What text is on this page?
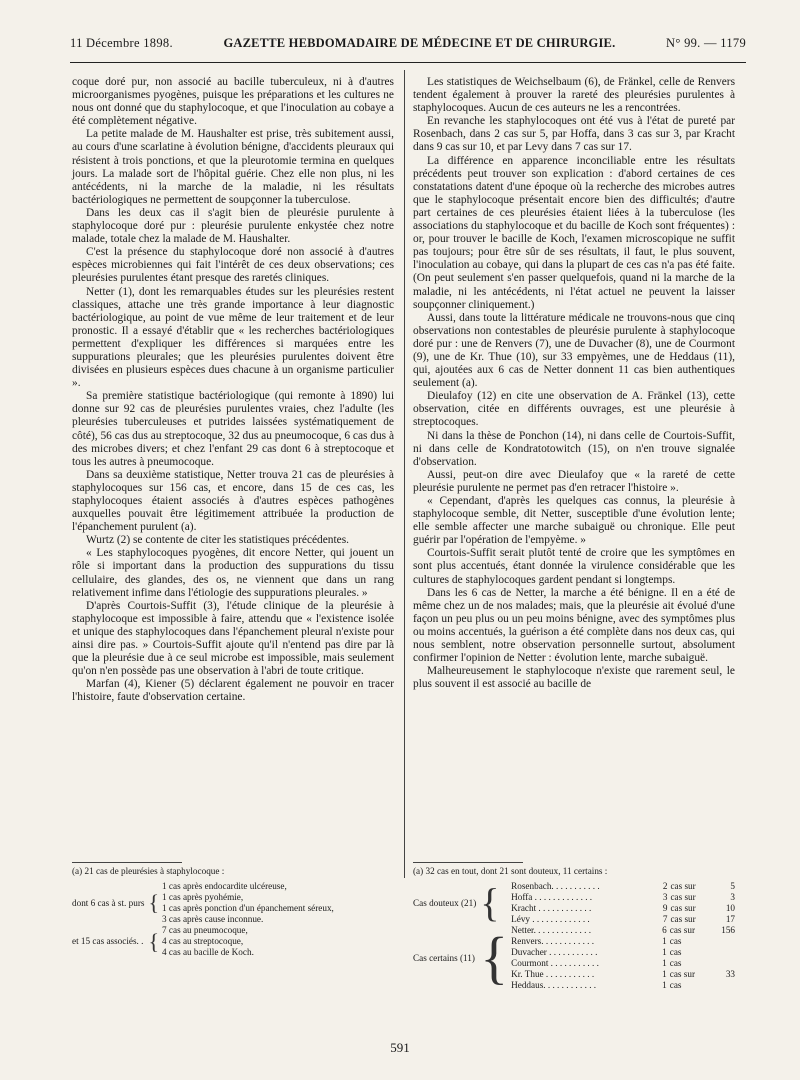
11 Décembre 1898.	GAZETTE HEBDOMADAIRE DE MÉDECINE ET DE CHIRURGIE.	N° 99. — 1179

coque doré pur, non associé au bacille tuberculeux, ni à d'autres microorganismes pyogènes, puisque les préparations et les cultures ne nous ont donné que du staphylocoque, et que l'inoculation au cobaye a été complètement négative.

La petite malade de M. Haushalter est prise, très subitement aussi, au cours d'une scarlatine à évolution bénigne, d'accidents pleuraux qui résistent à trois ponctions, et que la pleurotomie termina en quelques jours. La malade sort de l'hôpital guérie. Chez elle non plus, ni les antécédents, ni la marche de la maladie, ni les résultats bactériologiques ne permettent de soupçonner la tuberculose.

Dans les deux cas il s'agit bien de pleurésie purulente à staphylocoque doré pur : pleurésie purulente enkystée chez notre malade, totale chez la malade de M. Haushalter.

C'est la présence du staphylocoque doré non associé à d'autres espèces microbiennes qui fait l'intérêt de ces deux observations; ces pleurésies purulentes étant presque des raretés cliniques.

Netter (1), dont les remarquables études sur les pleurésies restent classiques, attache une très grande importance à leur diagnostic bactériologique, au point de vue même de leur traitement et de leur pronostic. Il a essayé d'établir que « les recherches bactériologiques permettent d'expliquer les différences si marquées entre les suppurations pleurales; que les pleurésies purulentes doivent être divisées en plusieurs espèces dues chacune à un organisme particulier ».

Sa première statistique bactériologique (qui remonte à 1890) lui donne sur 92 cas de pleurésies purulentes vraies, chez l'adulte (les pleurésies tuberculeuses et putrides laissées systématiquement de côté), 56 cas dus au streptocoque, 32 dus au pneumocoque, 6 cas dus à des microbes divers; et chez l'enfant 29 cas dont 6 à streptocoque et tous les autres à pneumocoque.

Dans sa deuxième statistique, Netter trouva 21 cas de pleurésies à staphylocoques sur 156 cas, et encore, dans 15 de ces cas, les staphylocoques étaient associés à d'autres espèces pathogènes auxquelles pouvait être légitimement attribuée la production de l'épanchement purulent (a).

Wurtz (2) se contente de citer les statistiques précédentes.

« Les staphylocoques pyogènes, dit encore Netter, qui jouent un rôle si important dans la production des suppurations du tissu cellulaire, des glandes, des os, ne viennent que dans un rang relativement infime dans l'étiologie des suppurations pleurales. »

D'après Courtois-Suffit (3), l'étude clinique de la pleurésie à staphylocoque est impossible à faire, attendu que « l'existence isolée et unique des staphylocoques dans l'épanchement pleural n'existe pour ainsi dire pas. » Courtois-Suffit ajoute qu'il n'entend pas dire par là que la pleurésie due à ce seul microbe est impossible, mais seulement qu'on n'en possède pas une observation à l'abri de toute critique.

Marfan (4), Kiener (5) déclarent également ne pouvoir en tracer l'histoire, faute d'observation certaine.

Les statistiques de Weichselbaum (6), de Fränkel, celle de Renvers tendent également à prouver la rareté des pleurésies purulentes à staphylocoques. Aucun de ces auteurs ne les a rencontrées.

En revanche les staphylocoques ont été vus à l'état de pureté par Rosenbach, dans 2 cas sur 5, par Hoffa, dans 3 cas sur 3, par Kracht dans 9 cas sur 10, et par Levy dans 7 cas sur 17.

La différence en apparence inconciliable entre les résultats précédents peut trouver son explication : d'abord certaines de ces constatations datent d'une époque où la recherche des microbes autres que le staphylocoque présentait encore bien des difficultés; d'autre part certaines de ces pleurésies étaient liées à la tuberculose (les associations du staphylocoque et du bacille de Koch sont fréquentes) : or, pour trouver le bacille de Koch, l'examen microscopique ne suffit pas toujours; pour être sûr de ses résultats, il faut, le plus souvent, l'inoculation au cobaye, qui dans la plupart de ces cas n'a pas été faite. (On peut seulement s'en passer quelquefois, quand ni la marche de la maladie, ni les antécédents, ni l'état actuel ne peuvent la laisser soupçonner cliniquement.)

Aussi, dans toute la littérature médicale ne trouvons-nous que cinq observations non contestables de pleurésie purulente à staphylocoque doré pur : une de Renvers (7), une de Duvacher (8), une de Courmont (9), une de Kr. Thue (10), sur 33 empyèmes, une de Heddaus (11), qui, ajoutées aux 6 cas de Netter donnent 11 cas bien authentiques seulement (a).

Dieulafoy (12) en cite une observation de A. Fränkel (13), cette observation, citée en différents ouvrages, est une pleurésie à streptocoques.

Ni dans la thèse de Ponchon (14), ni dans celle de Courtois-Suffit, ni dans celle de Kondratotowitch (15), on n'en trouve signalée d'observation.

Aussi, peut-on dire avec Dieulafoy que « la rareté de cette pleurésie purulente ne permet pas d'en retracer l'histoire ».

« Cependant, d'après les quelques cas connus, la pleurésie à staphylocoque semble, dit Netter, susceptible d'une évolution lente; elle semble affecter une marche subaiguë ou chronique. Elle peut guérir par l'opération de l'empyème. »

Courtois-Suffit serait plutôt tenté de croire que les symptômes en sont plus accentués, étant donnée la virulence considérable que les cultures de staphylocoques gardent pendant si longtemps.

Dans les 6 cas de Netter, la marche a été bénigne. Il en a été de même chez un de nos malades; mais, que la pleurésie ait évolué d'une façon un peu plus ou un peu moins bénigne, avec des symptômes plus ou moins accentués, la guérison a été complète dans nos deux cas, qui nous semblent, notre observation personnelle surtout, absolument confirmer l'opinion de Netter : évolution lente, marche subaiguë.

Malheureusement le staphylocoque n'existe que rarement seul, le plus souvent il est associé au bacille de

(a) 21 cas de pleurésies à staphylocoque :

dont 6 cas à st. purs	{	1 cas après endocardite ulcéreuse,
1 cas après pyohémie,
1 cas après ponction d'un épanchement séreux,
3 cas après cause inconnue.

et 15 cas associés. .	{	7 cas au pneumocoque,
4 cas au streptocoque,
4 cas au bacille de Koch.

(a) 32 cas en tout, dont 21 sont douteux, 11 certains :

Cas douteux (21)	{	Rosenbach. . . . . . . . . . .	2	cas sur	5
Hoffa . . . . . . . . . . . . .	3	cas sur	3
Kracht . . . . . . . . . . . .	9	cas sur	10
Lévy . . . . . . . . . . . . .	7	cas sur	17

Cas certains (11)	{	Netter. . . . . . . . . . . . .	6	cas sur	156
Renvers. . . . . . . . . . . .	1	cas	
Duvacher . . . . . . . . . . .	1	cas	
Courmont . . . . . . . . . . .	1	cas	
Kr. Thue . . . . . . . . . . .	1	cas sur	33
Heddaus. . . . . . . . . . . .	1	cas	
591
